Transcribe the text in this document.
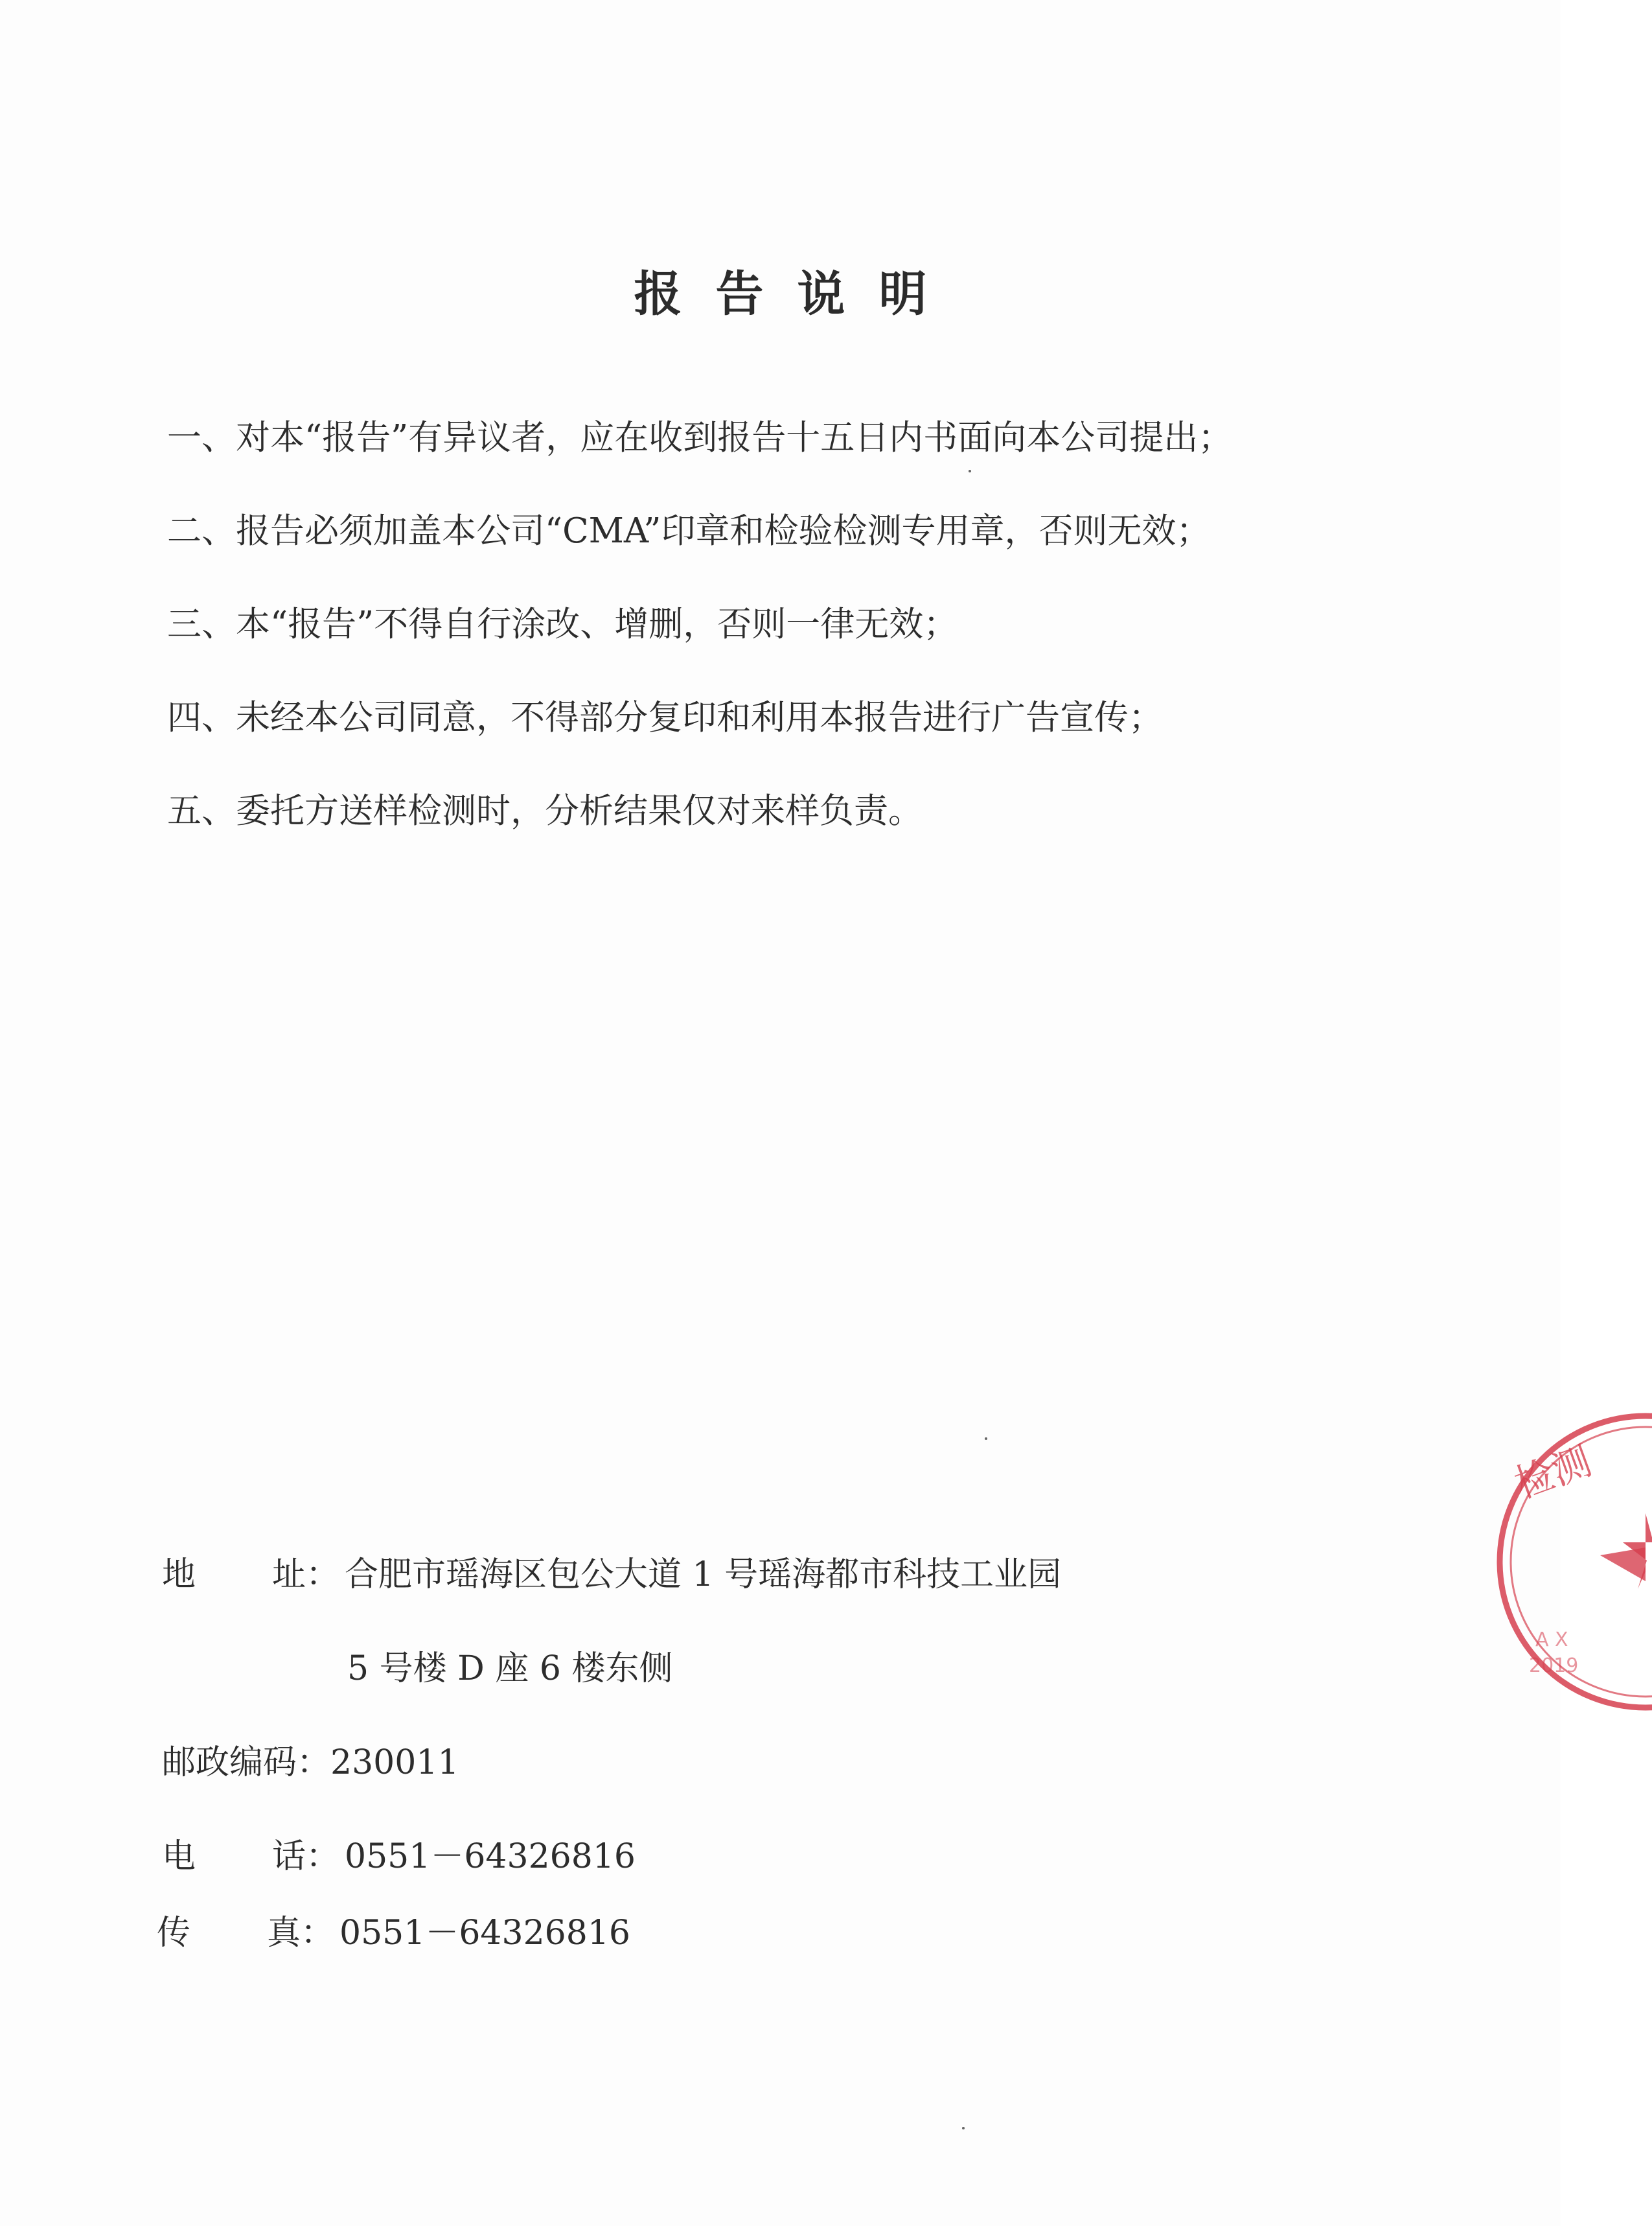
报告说明
一、对本“报告”有异议者，应在收到报告十五日内书面向本公司提出；
二、报告必须加盖本公司“CMA”印章和检验检测专用章，否则无效；
三、本“报告”不得自行涂改、增删，否则一律无效；
四、未经本公司同意，不得部分复印和利用本报告进行广告宣传；
五、委托方送样检测时，分析结果仅对来样负责。
地 址： 合肥市瑶海区包公大道 1 号瑶海都市科技工业园
5 号楼 D 座 6 楼东侧
邮政编码： 230011
电 话： 0551－64326816
传 真： 0551－64326816
检测
A X
2019
